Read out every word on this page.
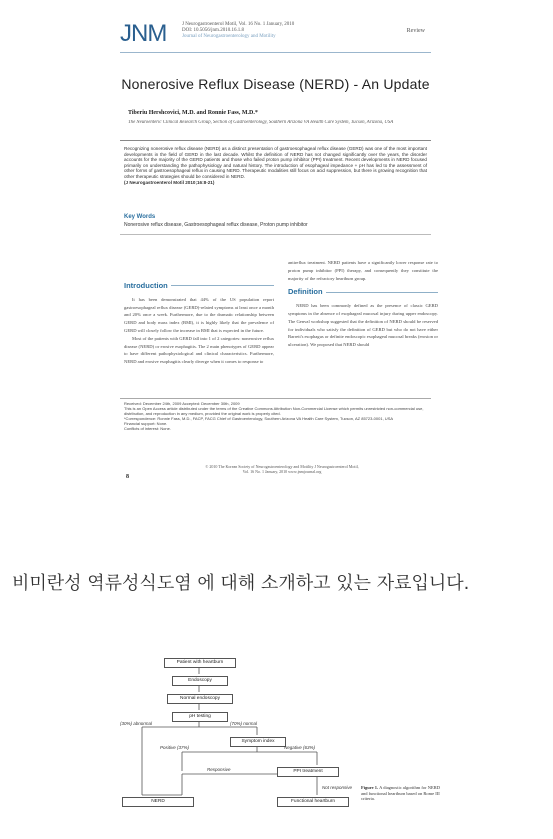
JNM	J Neurogastroenterol Motil, Vol. 16 No. 1 January, 2010
DOI: 10.5056/jnm.2010.16.1.8
Journal of Neurogastroenterology and Motility
Review
Nonerosive Reflux Disease (NERD) - An Update
Tiberiu Hershcovici, M.D. and Ronnie Fass, M.D.*
The Neuroenteric Clinical Research Group, Section of Gastroenterology, Southern Arizona VA Health Care System, Tucson, Arizona, USA
Recognizing nonerosive reflux disease (NERD) as a distinct presentation of gastroesophageal reflux disease (GERD) was one of the most important developments in the field of GERD in the last decade. Whilst the definition of NERD has not changed significantly over the years, the disorder accounts for the majority of the GERD patients and those who failed proton pump inhibitor (PPI) treatment. Recent developments in NERD focused primarily on understanding the pathophysiology and natural history. The introduction of esophageal impedance + pH has led to the assessment of other forms of gastroesophageal reflux in causing NERD. Therapeutic modalities still focus on acid suppression, but there is growing recognition that other therapeutic strategies should be considered in NERD.
(J Neurogastroenterol Motil 2010;16:8-21)
Key Words
Nonerosive reflux disease, Gastroesophageal reflux disease, Proton pump inhibitor
Introduction
It has been demonstrated that 44% of the US population report gastroesophageal reflux disease (GERD)-related symptoms at least once a month and 20% once a week. Furthermore, due to the dramatic relationship between GERD and body mass index (BMI), it is highly likely that the prevalence of GERD will closely follow the increase in BMI that is expected in the future.
Most of the patients with GERD fall into 1 of 2 categories: nonerosive reflux disease (NERD) or erosive esophagitis. The 2 main phenotypes of GERD appear to have different pathophysiological and clinical characteristics. Furthermore, NERD and erosive esophagitis clearly diverge when it comes to response to
antireflux treatment. NERD patients have a significantly lower response rate to proton pump inhibitor (PPI) therapy, and consequently they constitute the majority of the refractory heartburn group.
Definition
NERD has been commonly defined as the presence of classic GERD symptoms in the absence of esophageal mucosal injury during upper endoscopy. The Genval workshop suggested that the definition of NERD should be reserved for individuals who satisfy the definition of GERD but who do not have either Barrett's esophagus or definite endoscopic esophageal mucosal breaks (erosion or ulceration). We proposed that NERD should
Received: December 24th, 2009 Accepted: December 30th, 2009
This is an Open Access article distributed under the terms of the Creative Commons Attribution Non-Commercial License which permits unrestricted non-commercial use, distribution, and reproduction in any medium, provided the original work is properly cited.
*Correspondence: Ronnie Fass, M.D., FACP, FACG Chief of Gastroenterology, Southern Arizona VA Health Care System, Tucson, AZ 85723-0001, USA
Financial support: None.
Conflicts of interest: None.
© 2010 The Korean Society of Neurogastroenterology and Motility J Neurogastroenterol Motil, Vol. 16 No. 1 January, 2010 www.jnmjournal.org
8
비미란성 역류성식도염 에 대해 소개하고 있는 자료입니다.
Patient with heartburn
Endoscopy
Normal endoscopy
pH testing
(30%) abnormal	(70%) normal
Symptom index
Positive (37%)	Negative (63%)
Responsive	PPI treatment
Not responsive
NERD	Functional heartburn
Figure 1. A diagnostic algorithm for NERD and functional heartburn based on Rome III criteria.
